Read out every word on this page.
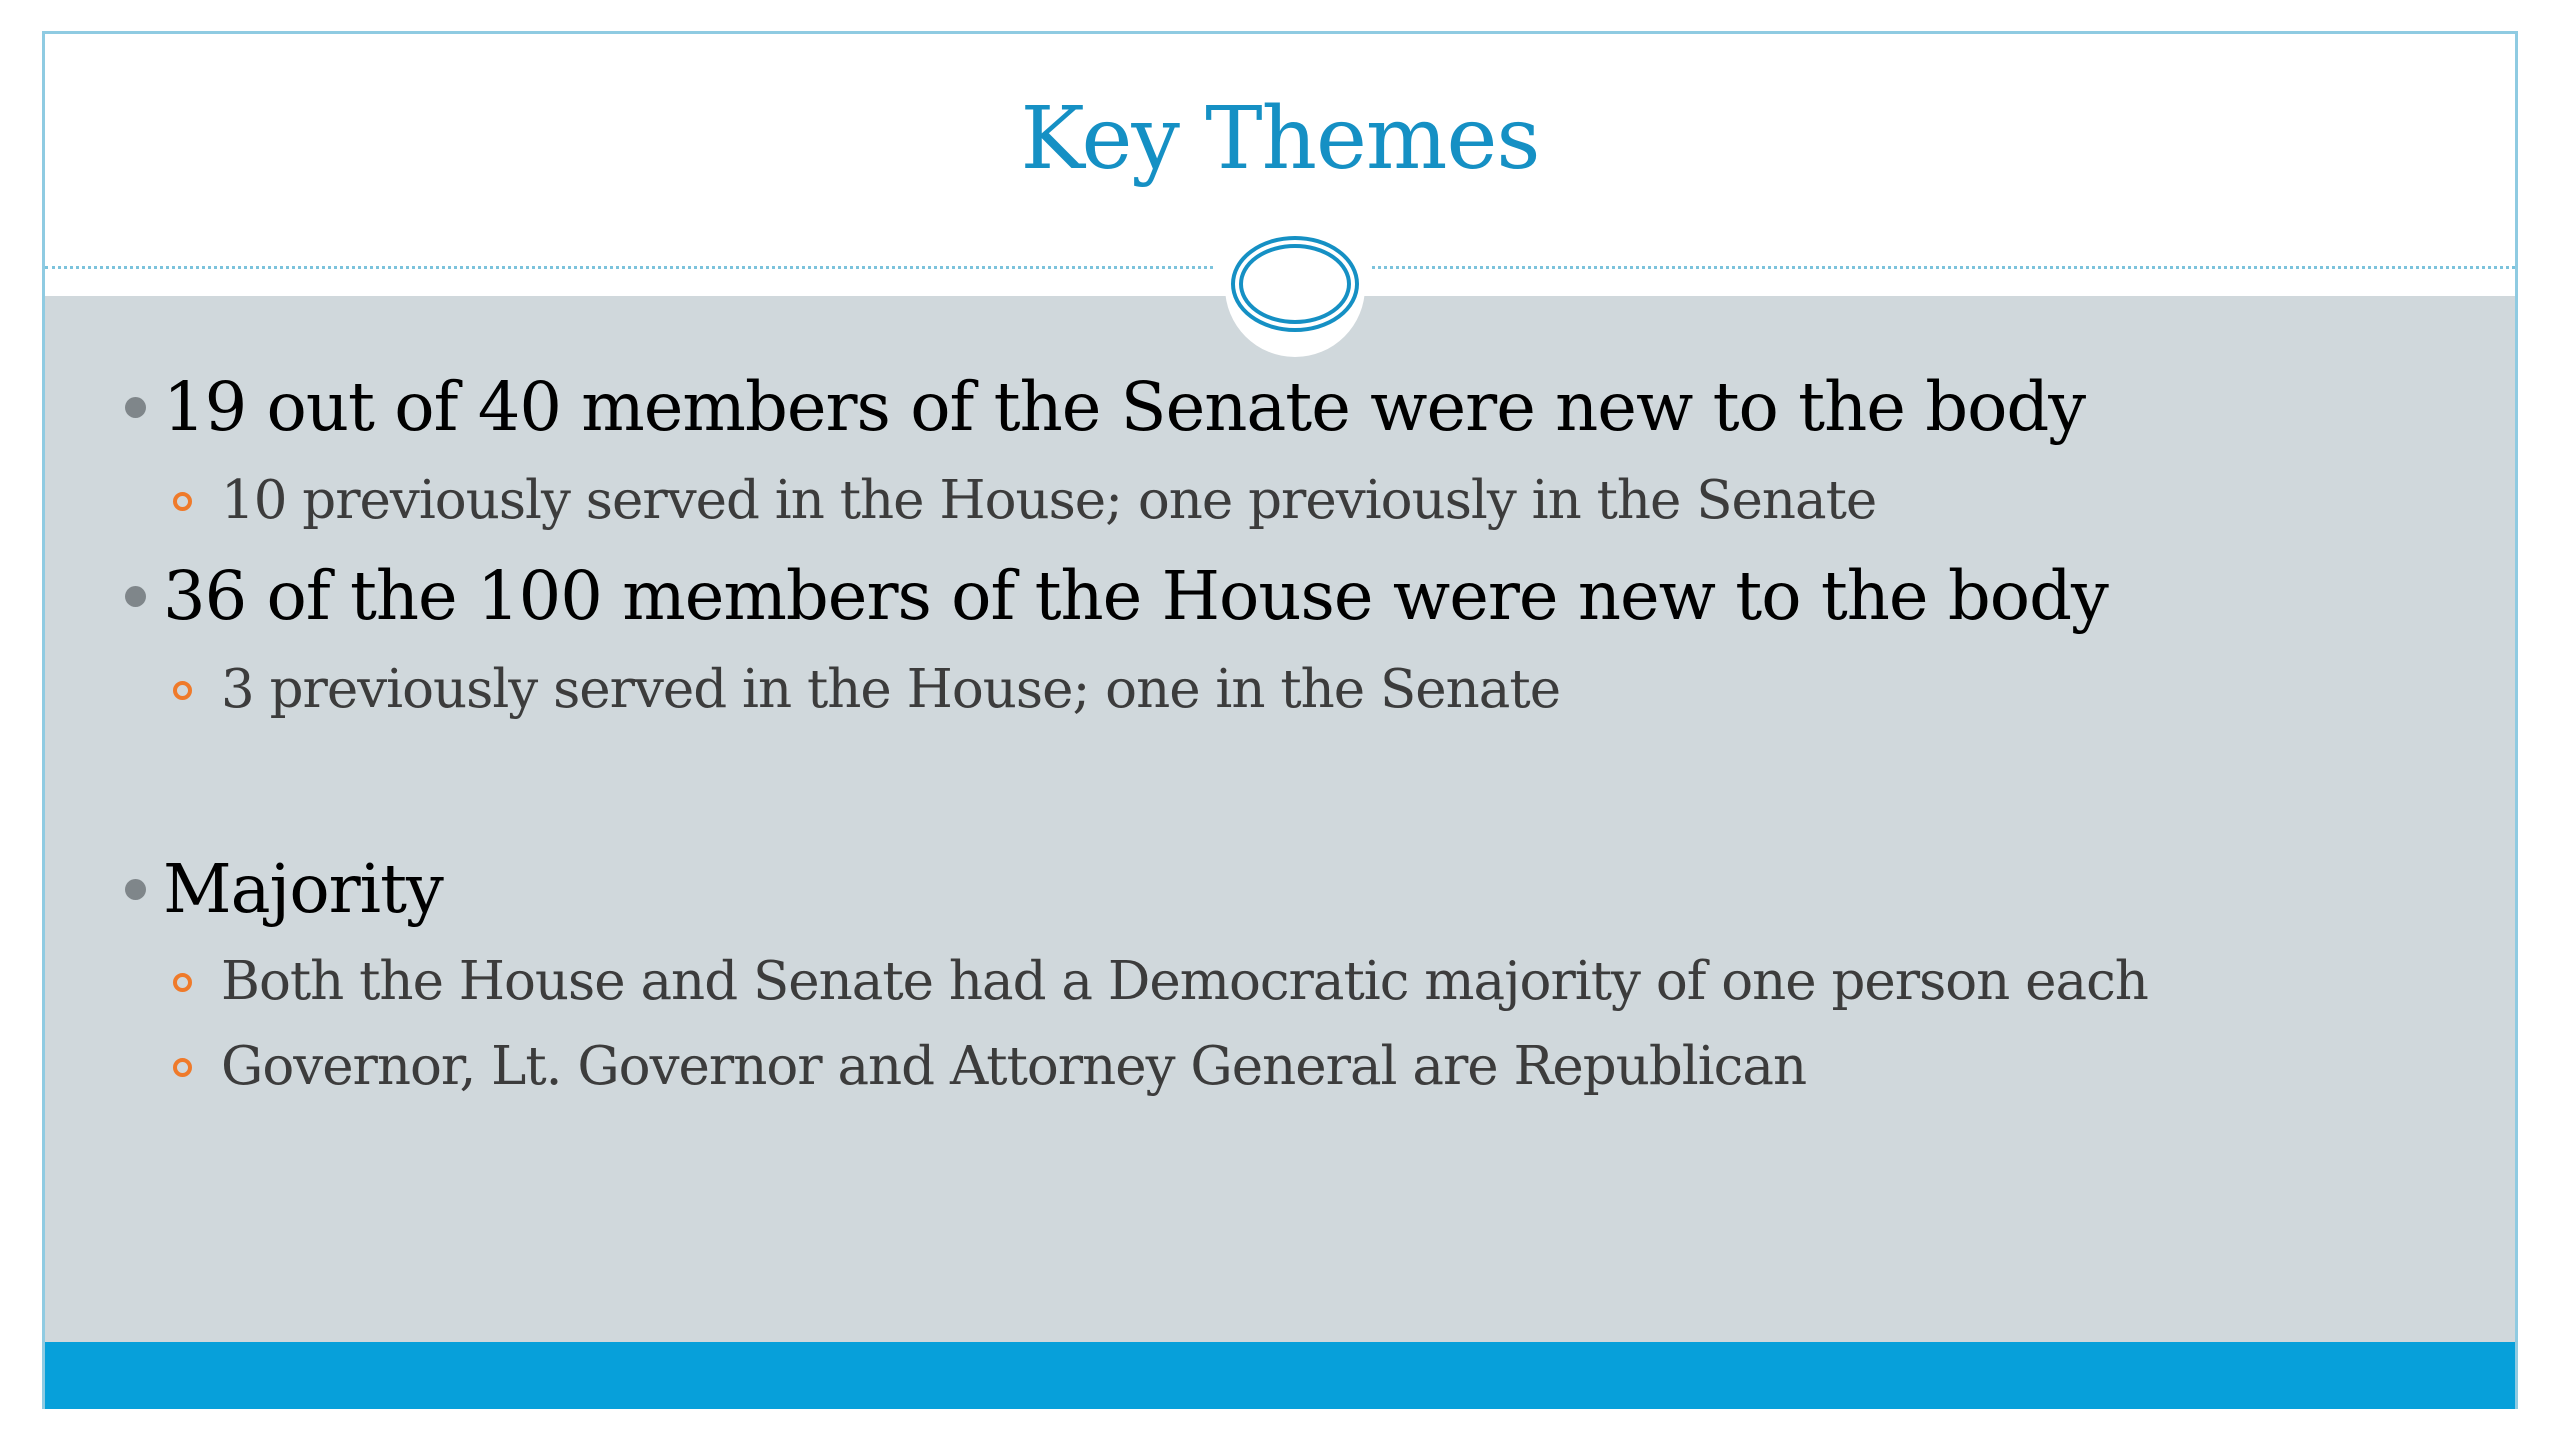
Key Themes
19 out of 40 members of the Senate were new to the body
10 previously served in the House; one previously in the Senate
36 of the 100 members of the House were new to the body
3 previously served in the House; one in the Senate
Majority
Both the House and Senate had a Democratic majority of one person each
Governor, Lt. Governor and Attorney General are Republican
